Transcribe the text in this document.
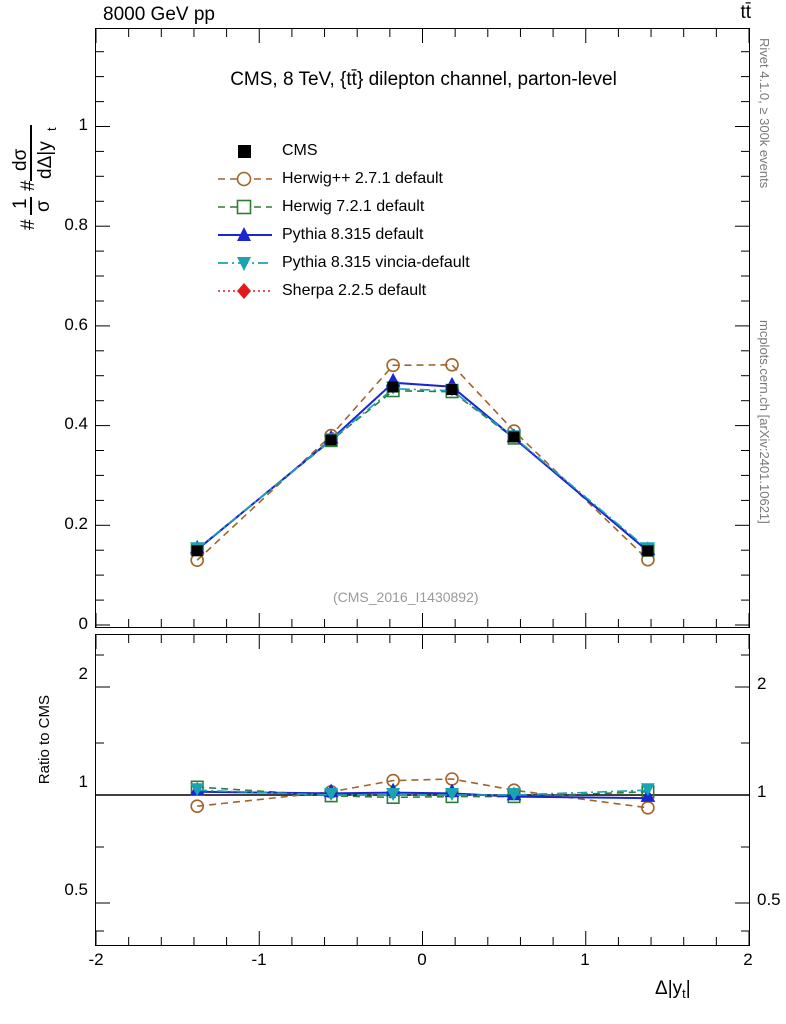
8000 GeV pp	tt̄
Rivet 4.1.0, ≥ 300k events
mcplots.cern.ch [arXiv:2401.10621]
#
1 σ
#
dσ dΔ|y
t
CMS, 8 TeV, {tt̄} dilepton channel, parton-level
CMS
Herwig++ 2.7.1 default
Herwig 7.2.1 default
Pythia 8.315 default
Pythia 8.315 vincia-default
Sherpa 2.2.5 default
(CMS_2016_I1430892)
0
0.2
0.4
0.6
0.8
1
Ratio to CMS
0.5
1
2
0.5
1
2
-2	-1	0	1	2
$\Delta|y_t|$
